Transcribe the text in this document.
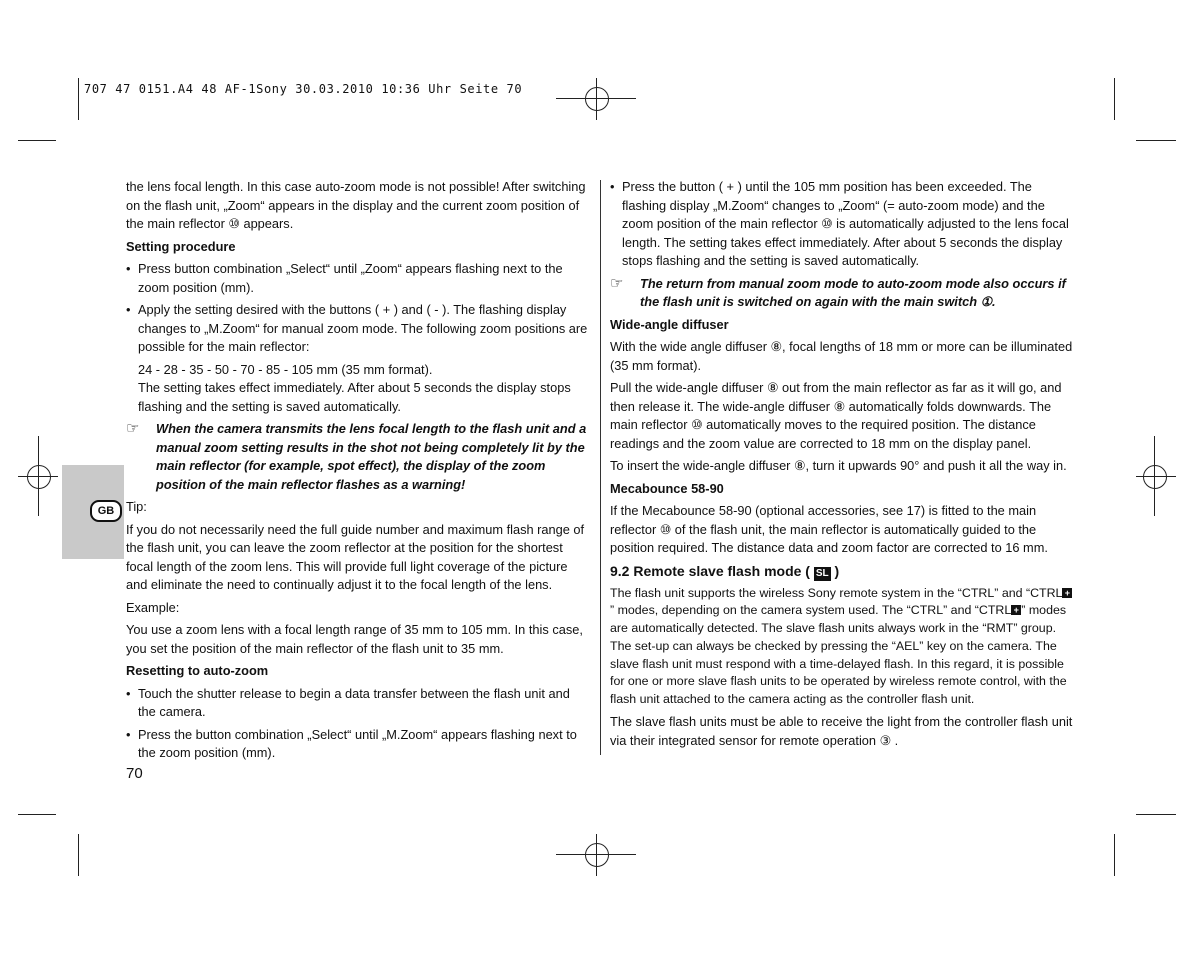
707 47 0151.A4 48 AF-1Sony 30.03.2010 10:36 Uhr Seite 70
GB

the lens focal length. In this case auto-zoom mode is not possible! After switching on the flash unit, „Zoom“ appears in the display and the current zoom position of the main reflector ⑩ appears.

Setting procedure
• Press button combination „Select“ until „Zoom“ appears flashing next to the zoom position (mm).
• Apply the setting desired with the buttons ( + ) and ( - ). The flashing display changes to „M.Zoom“ for manual zoom mode. The following zoom positions are possible for the main reflector:
24 - 28 - 35 - 50 - 70 - 85 - 105 mm (35 mm format).

The setting takes effect immediately. After about 5 seconds the display stops flashing and the setting is saved automatically.

☞ When the camera transmits the lens focal length to the flash unit and a manual zoom setting results in the shot not being completely lit by the main reflector (for example, spot effect), the display of the zoom position of the main reflector flashes as a warning!

Tip:

If you do not necessarily need the full guide number and maximum flash range of the flash unit, you can leave the zoom reflector at the position for the shortest focal length of the zoom lens. This will provide full light coverage of the picture and eliminate the need to continually adjust it to the focal length of the lens.

Example:

You use a zoom lens with a focal length range of 35 mm to 105 mm. In this case, you set the position of the main reflector of the flash unit to 35 mm.

Resetting to auto-zoom
• Touch the shutter release to begin a data transfer between the flash unit and the camera.
• Press the button combination „Select“ until „M.Zoom“ appears flashing next to the zoom position (mm).
• Press the button ( + ) until the 105 mm position has been exceeded. The flashing display „M.Zoom“ changes to „Zoom“ (= auto-zoom mode) and the zoom position of the main reflector ⑩ is automatically adjusted to the lens focal length. The setting takes effect immediately. After about 5 seconds the display stops flashing and the setting is saved automatically.
☞ The return from manual zoom mode to auto-zoom mode also occurs if the flash unit is switched on again with the main switch ①.
Wide-angle diffuser

With the wide angle diffuser ⑧, focal lengths of 18 mm or more can be illuminated (35 mm format).

Pull the wide-angle diffuser ⑧ out from the main reflector as far as it will go, and then release it. The wide-angle diffuser ⑧ automatically folds downwards. The main reflector ⑩ automatically moves to the required position. The distance readings and the zoom value are corrected to 18 mm on the display panel.

To insert the wide-angle diffuser ⑧, turn it upwards 90° and push it all the way in.

Mecabounce 58-90

If the Mecabounce 58-90 (optional accessories, see 17) is fitted to the main reflector ⑩ of the flash unit, the main reflector is automatically guided to the position required. The distance data and zoom factor are corrected to 16 mm.

9.2 Remote slave flash mode ( SL )

The flash unit supports the wireless Sony remote system in the “CTRL” and “CTRL +” modes, depending on the camera system used. The “CTRL” and “CTRL + ” modes are automatically detected. The slave flash units always work in the “RMT” group. The set-up can always be checked by pressing the “AEL” key on the camera. The slave flash unit must respond with a time-delayed flash. In this regard, it is possible for one or more slave flash units to be operated by wireless remote control, with the flash unit attached to the camera acting as the controller flash unit.

The slave flash units must be able to receive the light from the controller flash unit via their integrated sensor for remote operation ③ .

70
